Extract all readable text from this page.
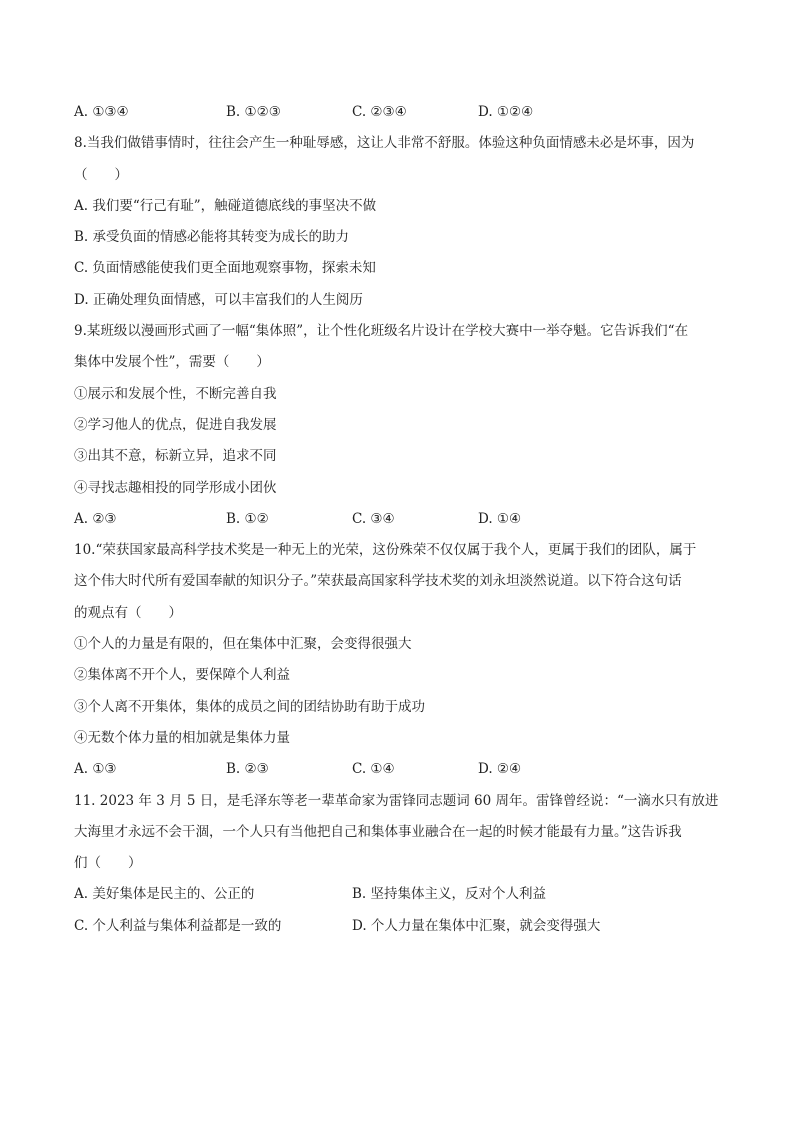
A. ①③④	B. ①②③	C. ②③④	D. ①②④
8.当我们做错事情时，往往会产生一种耻辱感，这让人非常不舒服。体验这种负面情感未必是坏事，因为
（　　）
A. 我们要“行己有耻”，触碰道德底线的事坚决不做
B. 承受负面的情感必能将其转变为成长的助力
C. 负面情感能使我们更全面地观察事物，探索未知
D. 正确处理负面情感，可以丰富我们的人生阅历
9.某班级以漫画形式画了一幅“集体照”，让个性化班级名片设计在学校大赛中一举夺魁。它告诉我们“在
集体中发展个性”，需要（　　）
①展示和发展个性，不断完善自我
②学习他人的优点，促进自我发展
③出其不意，标新立异，追求不同
④寻找志趣相投的同学形成小团伙
A. ②③	B. ①②	C. ③④	D. ①④
10.“荣获国家最高科学技术奖是一种无上的光荣，这份殊荣不仅仅属于我个人，更属于我们的团队，属于
这个伟大时代所有爱国奉献的知识分子。”荣获最高国家科学技术奖的刘永坦淡然说道。以下符合这句话
的观点有（　　）
①个人的力量是有限的，但在集体中汇聚，会变得很强大
②集体离不开个人，要保障个人利益
③个人离不开集体，集体的成员之间的团结协助有助于成功
④无数个体力量的相加就是集体力量
A. ①③	B. ②③	C. ①④	D. ②④
11. 2023 年 3 月 5 日，是毛泽东等老一辈革命家为雷锋同志题词 60 周年。雷锋曾经说：“一滴水只有放进
大海里才永远不会干涸，一个人只有当他把自己和集体事业融合在一起的时候才能最有力量。”这告诉我
们（　　）
A. 美好集体是民主的、公正的	B. 坚持集体主义，反对个人利益
C. 个人利益与集体利益都是一致的	D. 个人力量在集体中汇聚，就会变得强大
